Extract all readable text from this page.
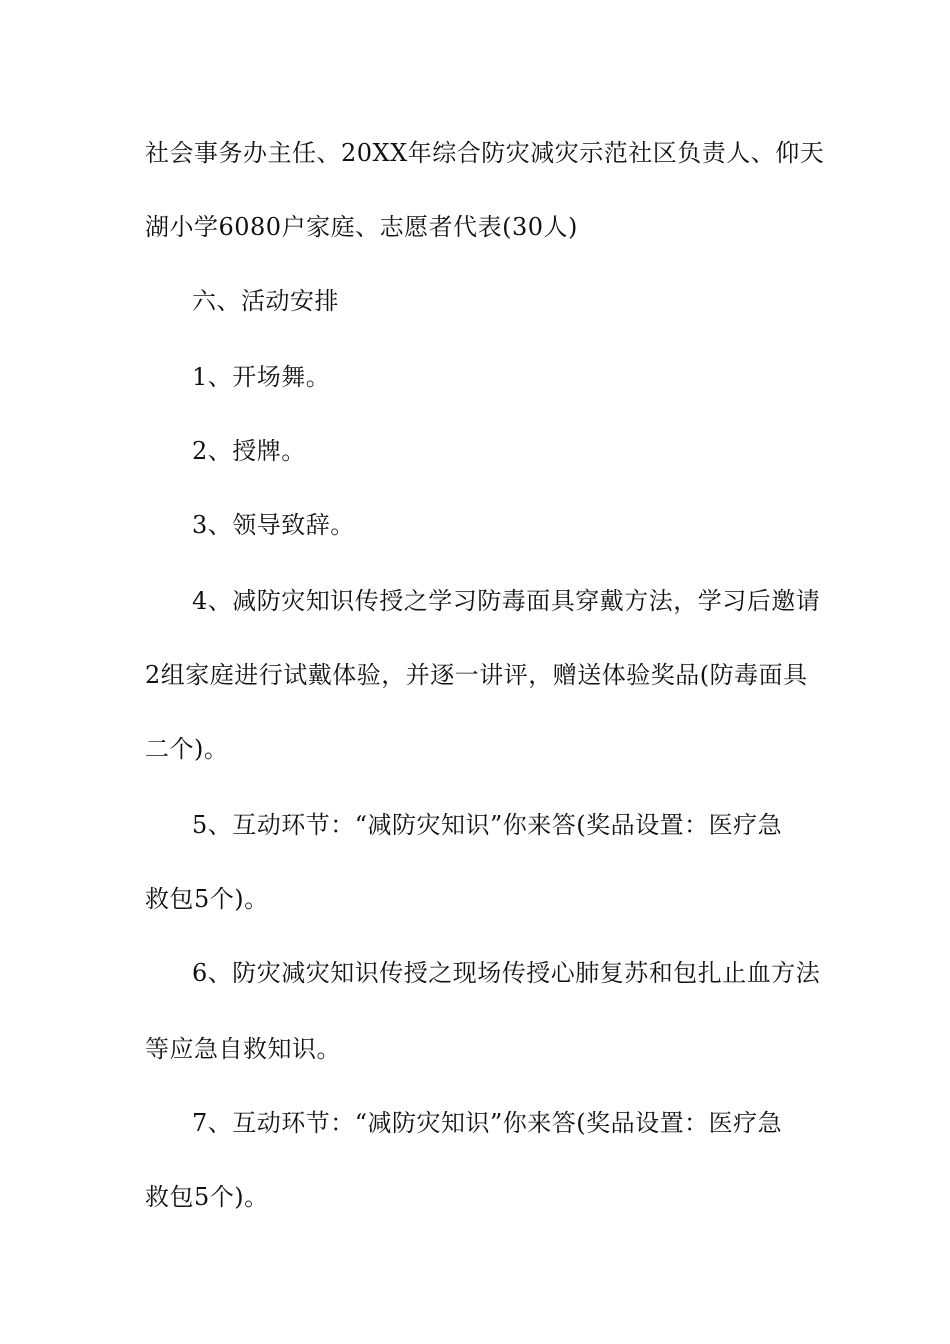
社会事务办主任、20XX年综合防灾减灾示范社区负责人、仰天
湖小学6080户家庭、志愿者代表(30人)
六、活动安排
1、开场舞。
2、授牌。
3、领导致辞。
4、减防灾知识传授之学习防毒面具穿戴方法，学习后邀请
2组家庭进行试戴体验，并逐一讲评，赠送体验奖品(防毒面具
二个)。
5、互动环节：“减防灾知识”你来答(奖品设置：医疗急
救包5个)。
6、防灾减灾知识传授之现场传授心肺复苏和包扎止血方法
等应急自救知识。
7、互动环节：“减防灾知识”你来答(奖品设置：医疗急
救包5个)。
